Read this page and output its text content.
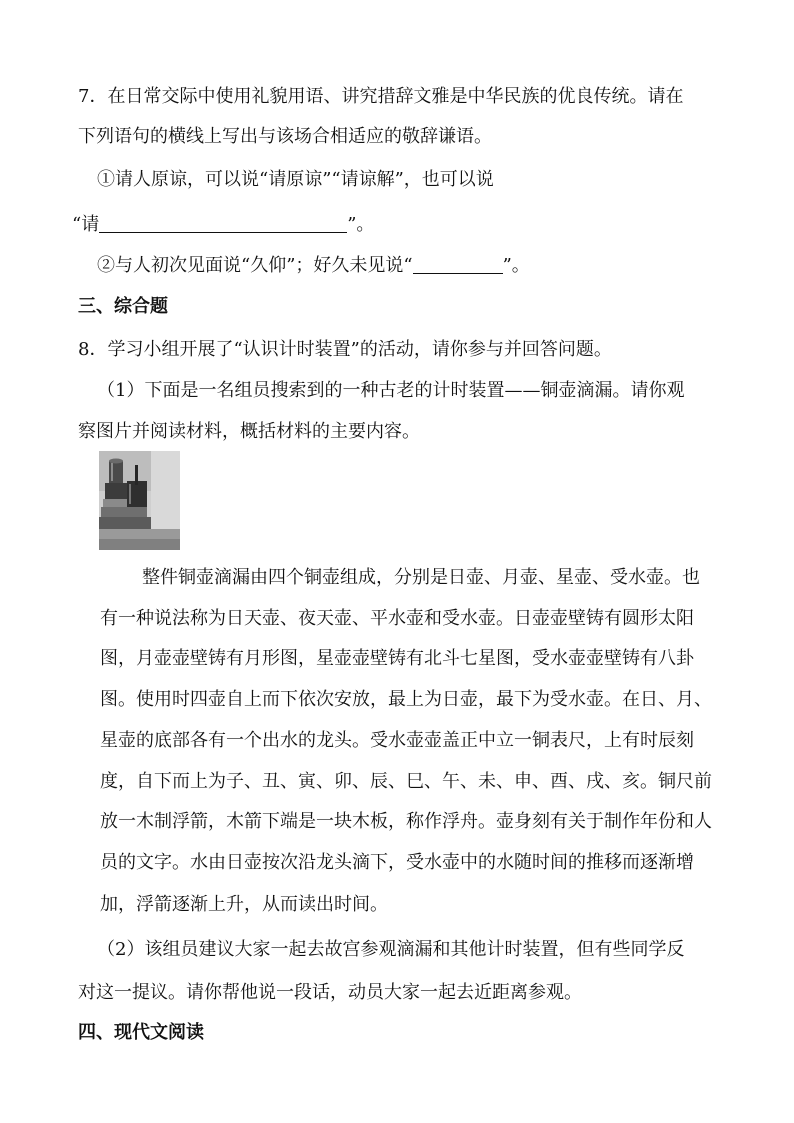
7．在日常交际中使用礼貌用语、讲究措辞文雅是中华民族的优良传统。请在

下列语句的横线上写出与该场合相适应的敬辞谦语。

①请人原谅，可以说“请原谅”“请谅解”，也可以说

“请	”。

②与人初次见面说“久仰”；好久未见说“	”。

三、综合题

8．学习小组开展了“认识计时装置”的活动，请你参与并回答问题。

（1）下面是一名组员搜索到的一种古老的计时装置——铜壶滴漏。请你观

察图片并阅读材料，概括材料的主要内容。

整件铜壶滴漏由四个铜壶组成，分别是日壶、月壶、星壶、受水壶。也

有一种说法称为日天壶、夜天壶、平水壶和受水壶。日壶壶壁铸有圆形太阳

图，月壶壶壁铸有月形图，星壶壶壁铸有北斗七星图，受水壶壶壁铸有八卦

图。使用时四壶自上而下依次安放，最上为日壶，最下为受水壶。在日、月、

星壶的底部各有一个出水的龙头。受水壶壶盖正中立一铜表尺，上有时辰刻

度，自下而上为子、丑、寅、卯、辰、巳、午、未、申、酉、戌、亥。铜尺前

放一木制浮箭，木箭下端是一块木板，称作浮舟。壶身刻有关于制作年份和人

员的文字。水由日壶按次沿龙头滴下，受水壶中的水随时间的推移而逐渐增

加，浮箭逐渐上升，从而读出时间。

（2）该组员建议大家一起去故宫参观滴漏和其他计时装置，但有些同学反

对这一提议。请你帮他说一段话，动员大家一起去近距离参观。

四、现代文阅读
